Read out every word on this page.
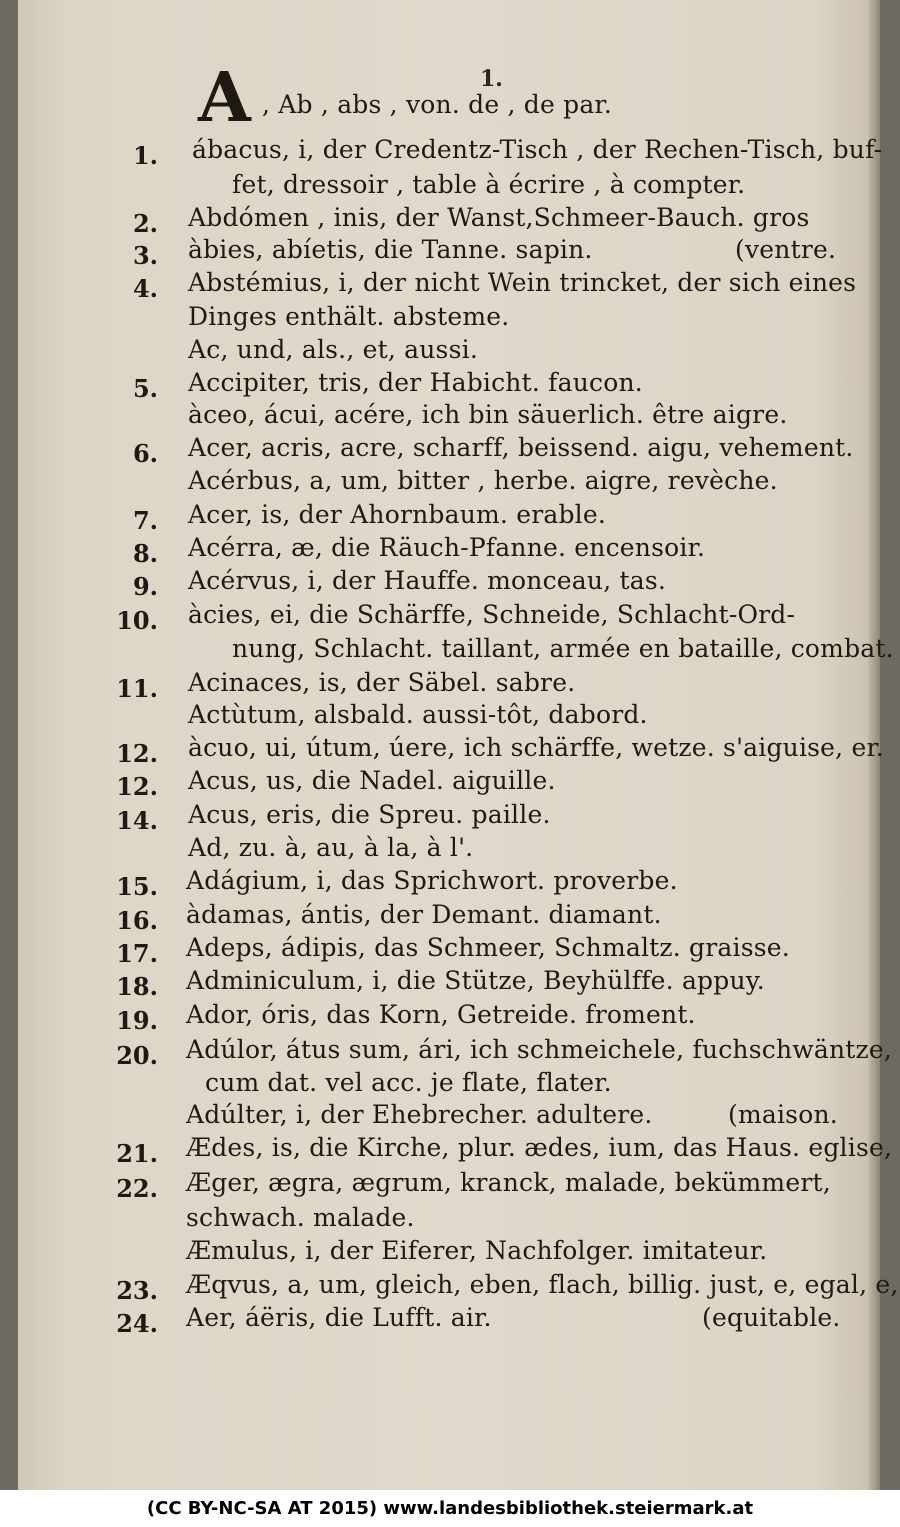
1.
A , Ab , abs , von. de , de par.
1. ábacus, i, der Credentz-Tisch , der Rechen-Tisch, buf-
fet, dressoir , table à écrire , à compter.
2. Abdómen , inis, der Wanst,Schmeer-Bauch. gros
3. àbies, abíetis, die Tanne. sapin.	(ventre.
4. Abstémius, i, der nicht Wein trincket, der sich eines
Dinges enthält. absteme.
Ac, und, als., et, aussi.
5. Accipiter, tris, der Habicht. faucon.
àceo, ácui, acére, ich bin säuerlich. être aigre.
6. Acer, acris, acre, scharff, beissend. aigu, vehement.
Acérbus, a, um, bitter , herbe. aigre, revèche.
7. Acer, is, der Ahornbaum. erable.
8. Acérra, æ, die Räuch-Pfanne. encensoir.
9. Acérvus, i, der Hauffe. monceau, tas.
10. àcies, ei, die Schärffe, Schneide, Schlacht-Ord-
nung, Schlacht. taillant, armée en bataille, combat.
11. Acinaces, is, der Säbel. sabre.
Actùtum, alsbald. aussi-tôt, dabord.
12. àcuo, ui, útum, úere, ich schärffe, wetze. s'aiguise, er.
12. Acus, us, die Nadel. aiguille.
14. Acus, eris, die Spreu. paille.
Ad, zu. à, au, à la, à l'.
15. Adágium, i, das Sprichwort. proverbe.
16. àdamas, ántis, der Demant. diamant.
17. Adeps, ádipis, das Schmeer, Schmaltz. graisse.
18. Adminiculum, i, die Stütze, Beyhülffe. appuy.
19. Ador, óris, das Korn, Getreide. froment.
20. Adúlor, átus sum, ári, ich schmeichele, fuchschwäntze,
cum dat. vel acc. je flate, flater.
Adúlter, i, der Ehebrecher. adultere.	(maison.
21. Ædes, is, die Kirche, plur. ædes, ium, das Haus. eglise,
22. Æger, ægra, ægrum, kranck, malade, bekümmert,
schwach. malade.
Æmulus, i, der Eiferer, Nachfolger. imitateur.
23. Æqvus, a, um, gleich, eben, flach, billig. just, e, egal, e,
24. Aer, áëris, die Lufft. air.	(equitable.
(CC BY-NC-SA AT 2015) www.landesbibliothek.steiermark.at
